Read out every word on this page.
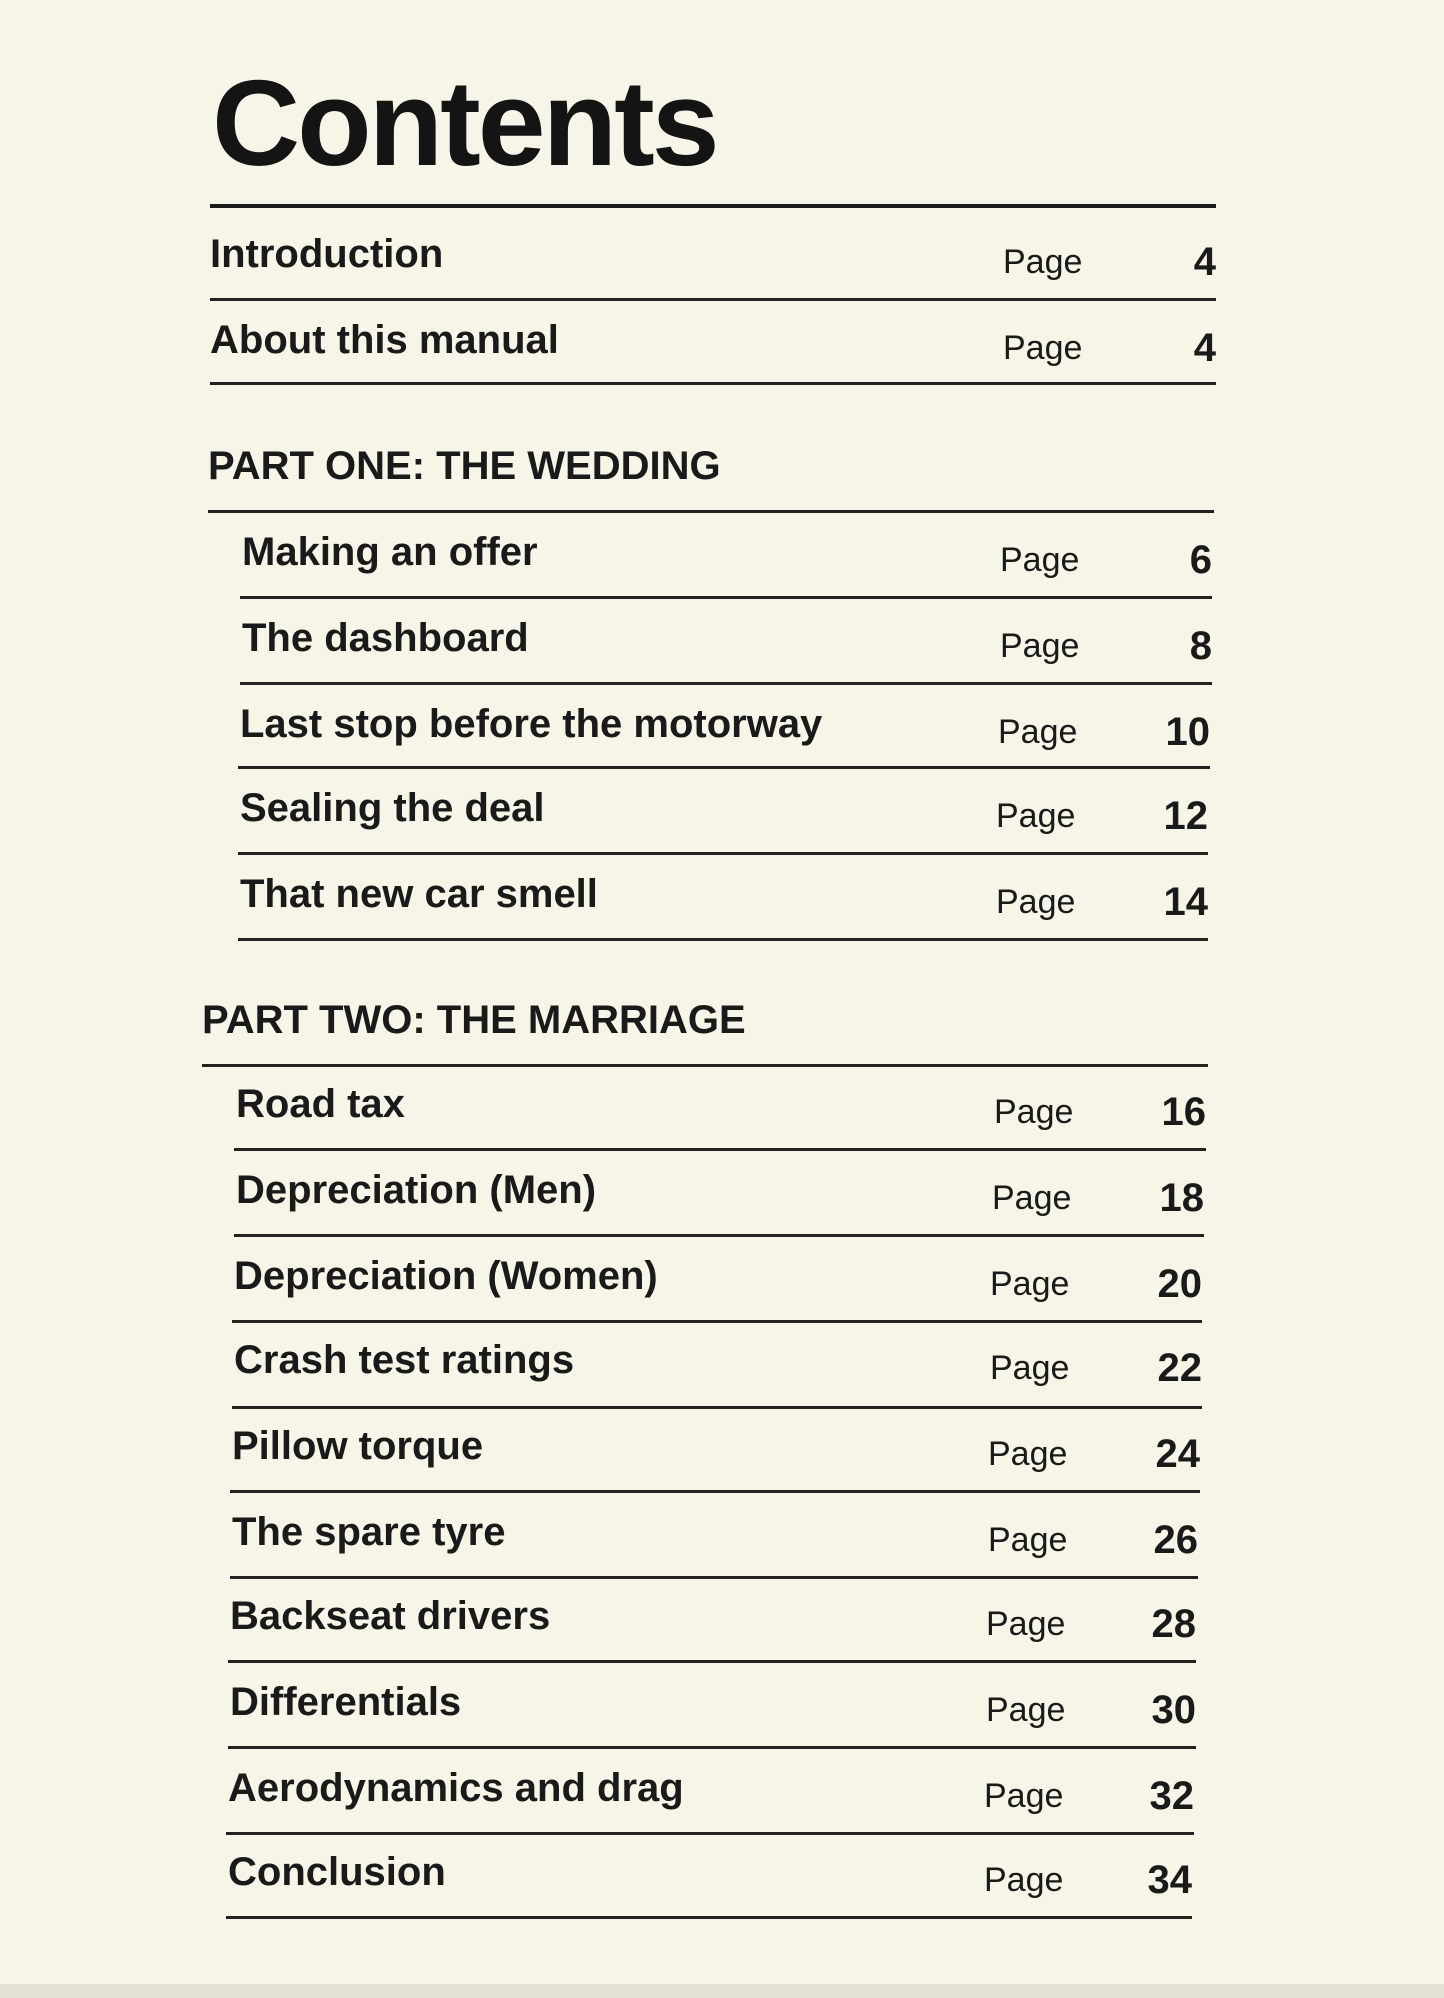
Contents
Introduction	Page	4
About this manual	Page	4
PART ONE: THE WEDDING
Making an offer	Page	6
The dashboard	Page	8
Last stop before the motorway	Page 10
Sealing the deal	Page 12
That new car smell	Page 14
PART TWO: THE MARRIAGE
Road tax	Page 16
Depreciation (Men)	Page 18
Depreciation (Women)	Page 20
Crash test ratings	Page 22
Pillow torque	Page 24
The spare tyre	Page 26
Backseat drivers	Page 28
Differentials	Page 30
Aerodynamics and drag	Page 32
Conclusion	Page 34
